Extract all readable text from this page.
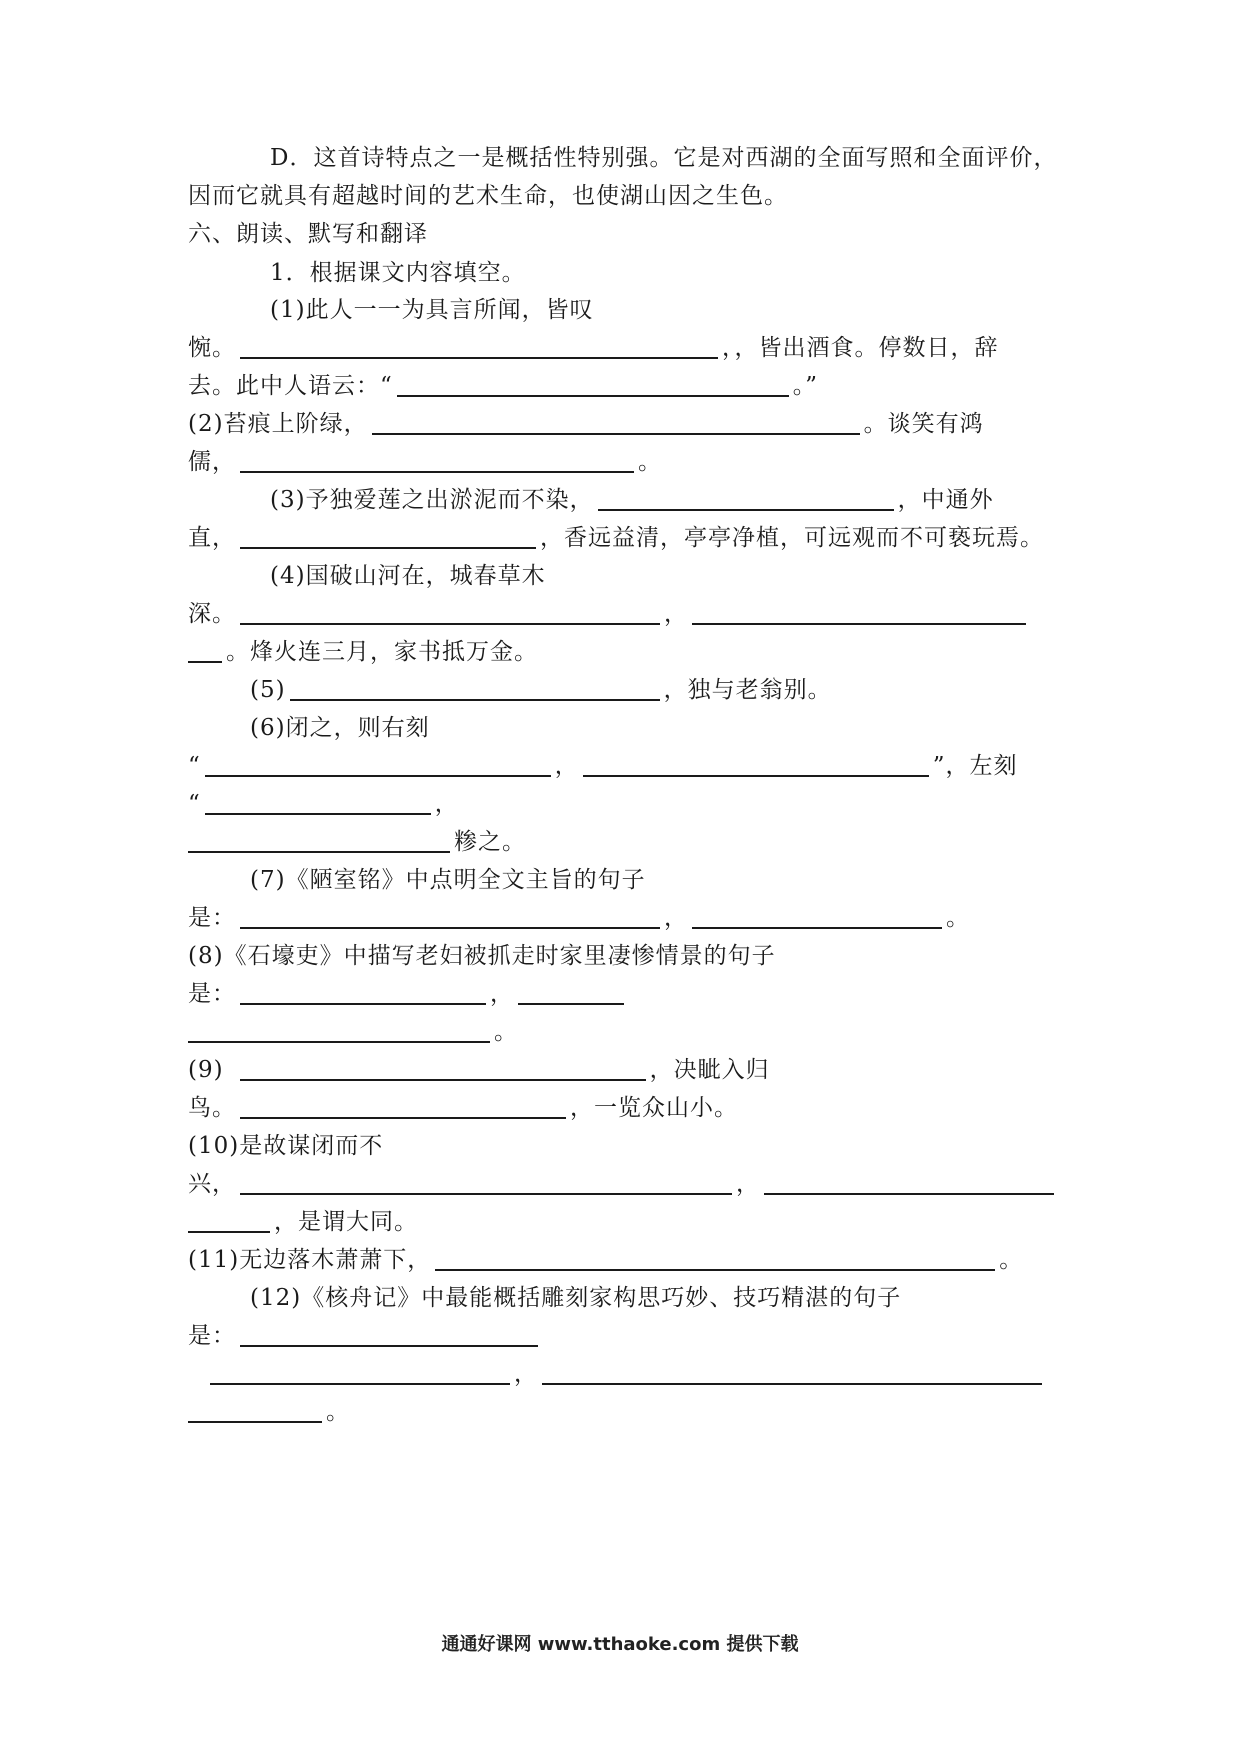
D．这首诗特点之一是概括性特别强。它是对西湖的全面写照和全面评价，
因而它就具有超越时间的艺术生命，也使湖山因之生色。
六、朗读、默写和翻译
1．根据课文内容填空。
(1)此人一一为具言所闻，皆叹
惋。	，，皆出酒食。停数日，辞
去。此中人语云：“	。”
(2)苔痕上阶绿，	。谈笑有鸿
儒，	。
(3)予独爱莲之出淤泥而不染，	，中通外
直，	，香远益清，亭亭净植，可远观而不可亵玩焉。
(4)国破山河在，城春草木
深。	，
。烽火连三月，家书抵万金。
(5)	，独与老翁别。
(6)闭之，则右刻
“	，	”，左刻
“	，
糁之。
(7)《陋室铭》中点明全文主旨的句子
是：	，	。
(8)《石壕吏》中描写老妇被抓走时家里凄惨情景的句子
是：	，
。
(9)	，决眦入归
鸟。	，一览众山小。
(10)是故谋闭而不
兴，	，
，是谓大同。
(11)无边落木萧萧下，	。
(12)《核舟记》中最能概括雕刻家构思巧妙、技巧精湛的句子
是：
，
。
通通好课网 www.tthaoke.com 提供下载
